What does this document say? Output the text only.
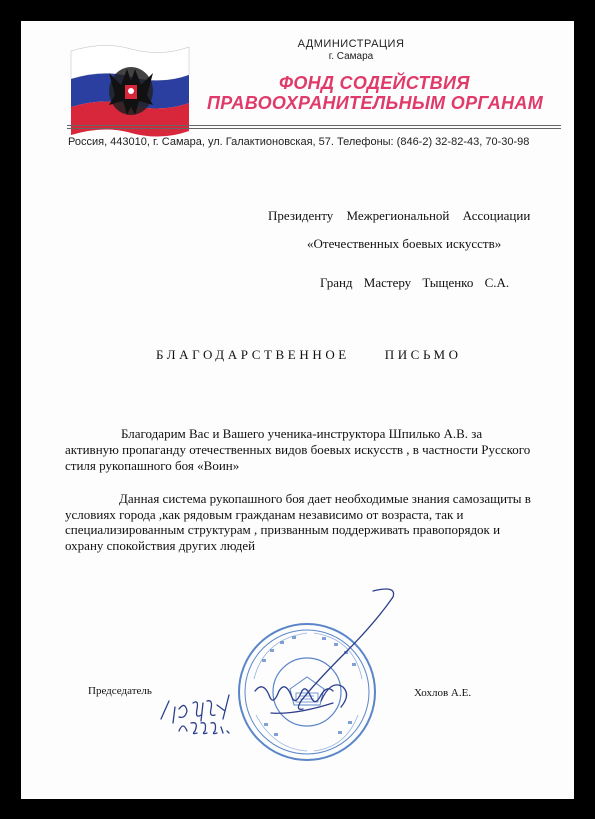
АДМИНИСТРАЦИЯ
г. Самара
ФОНД СОДЕЙСТВИЯ
ПРАВООХРАНИТЕЛЬНЫМ ОРГАНАМ
Россия, 443010, г. Самара, ул. Галактионовская, 57. Телефоны: (846-2) 32-82-43, 70-30-98
Президенту Межрегиональной Ассоциации
«Отечественных боевых искусств»
Гранд Мастеру Тыщенко С.А.
БЛАГОДАРСТВЕННОЕ ПИСЬМО
Благодарим Вас и Вашего ученика-инструктора Шпилько А.В. за активную пропаганду отечественных видов боевых искусств , в частности Русского стиля рукопашного боя «Воин»
Данная система рукопашного боя дает необходимые знания самозащиты в условиях города ,как рядовым гражданам независимо от возраста, так и специализированным структурам , призванным поддерживать правопорядок и охрану спокойствия других людей
Председатель	Хохлов А.Е.
